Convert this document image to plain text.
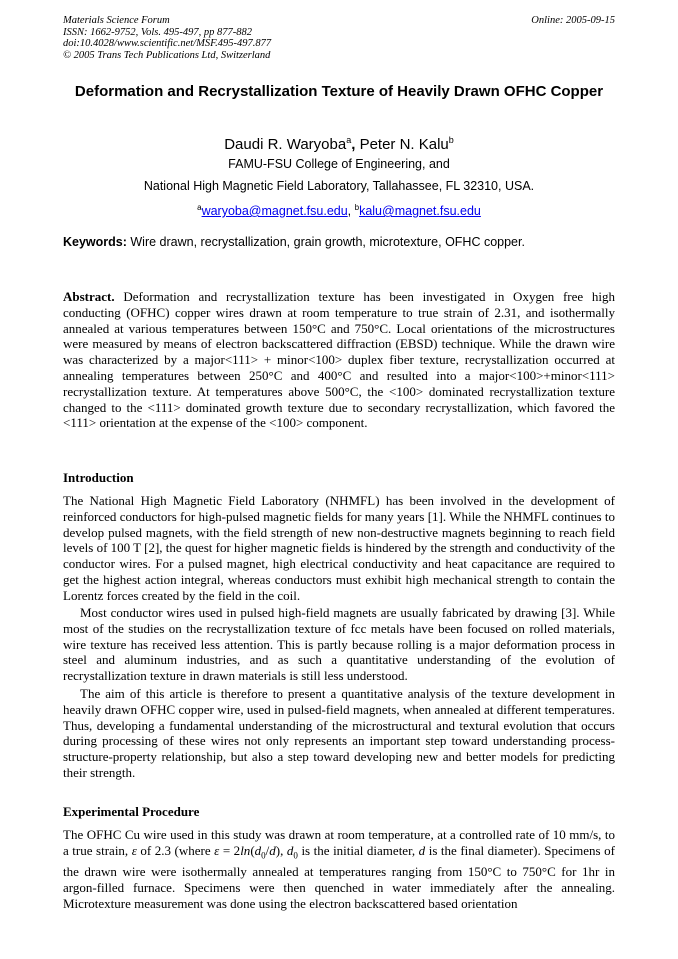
Materials Science Forum
ISSN: 1662-9752, Vols. 495-497, pp 877-882
doi:10.4028/www.scientific.net/MSF.495-497.877
© 2005 Trans Tech Publications Ltd, Switzerland
Online: 2005-09-15
Deformation and Recrystallization Texture of Heavily Drawn OFHC Copper
Daudi R. Waryoba$^a$, Peter N. Kalu$^b$
FAMU-FSU College of Engineering, and
National High Magnetic Field Laboratory, Tallahassee, FL 32310, USA.
$^a$waryoba@magnet.fsu.edu, $^b$kalu@magnet.fsu.edu
Keywords: Wire drawn, recrystallization, grain growth, microtexture, OFHC copper.
Abstract. Deformation and recrystallization texture has been investigated in Oxygen free high conducting (OFHC) copper wires drawn at room temperature to true strain of 2.31, and isothermally annealed at various temperatures between 150°C and 750°C. Local orientations of the microstructures were measured by means of electron backscattered diffraction (EBSD) technique. While the drawn wire was characterized by a major<111> + minor<100> duplex fiber texture, recrystallization occurred at annealing temperatures between 250°C and 400°C and resulted into a major<100>+minor<111> recrystallization texture. At temperatures above 500°C, the <100> dominated recrystallization texture changed to the <111> dominated growth texture due to secondary recrystallization, which favored the <111> orientation at the expense of the <100> component.
Introduction
The National High Magnetic Field Laboratory (NHMFL) has been involved in the development of reinforced conductors for high-pulsed magnetic fields for many years [1]. While the NHMFL continues to develop pulsed magnets, with the field strength of new non-destructive magnets beginning to reach field levels of 100 T [2], the quest for higher magnetic fields is hindered by the strength and conductivity of the conductor wires. For a pulsed magnet, high electrical conductivity and heat capacitance are required to get the highest action integral, whereas conductors must exhibit high mechanical strength to contain the Lorentz forces created by the field in the coil.
Most conductor wires used in pulsed high-field magnets are usually fabricated by drawing [3]. While most of the studies on the recrystallization texture of fcc metals have been focused on rolled materials, wire texture has received less attention. This is partly because rolling is a major deformation process in steel and aluminum industries, and as such a quantitative understanding of the evolution of recrystallization texture in drawn materials is still less understood.
The aim of this article is therefore to present a quantitative analysis of the texture development in heavily drawn OFHC copper wire, used in pulsed-field magnets, when annealed at different temperatures. Thus, developing a fundamental understanding of the microstructural and textural evolution that occurs during processing of these wires not only represents an important step toward understanding process-structure-property relationship, but also a step toward developing new and better models for predicting their strength.
Experimental Procedure
The OFHC Cu wire used in this study was drawn at room temperature, at a controlled rate of 10 mm/s, to a true strain, ε of 2.3 (where $\varepsilon = 2\ln(d_0/d)$, $d_0$ is the initial diameter, d is the final diameter). Specimens of the drawn wire were isothermally annealed at temperatures ranging from 150°C to 750°C for 1hr in argon-filled furnace. Specimens were then quenched in water immediately after the annealing. Microtexture measurement was done using the electron backscattered based orientation
